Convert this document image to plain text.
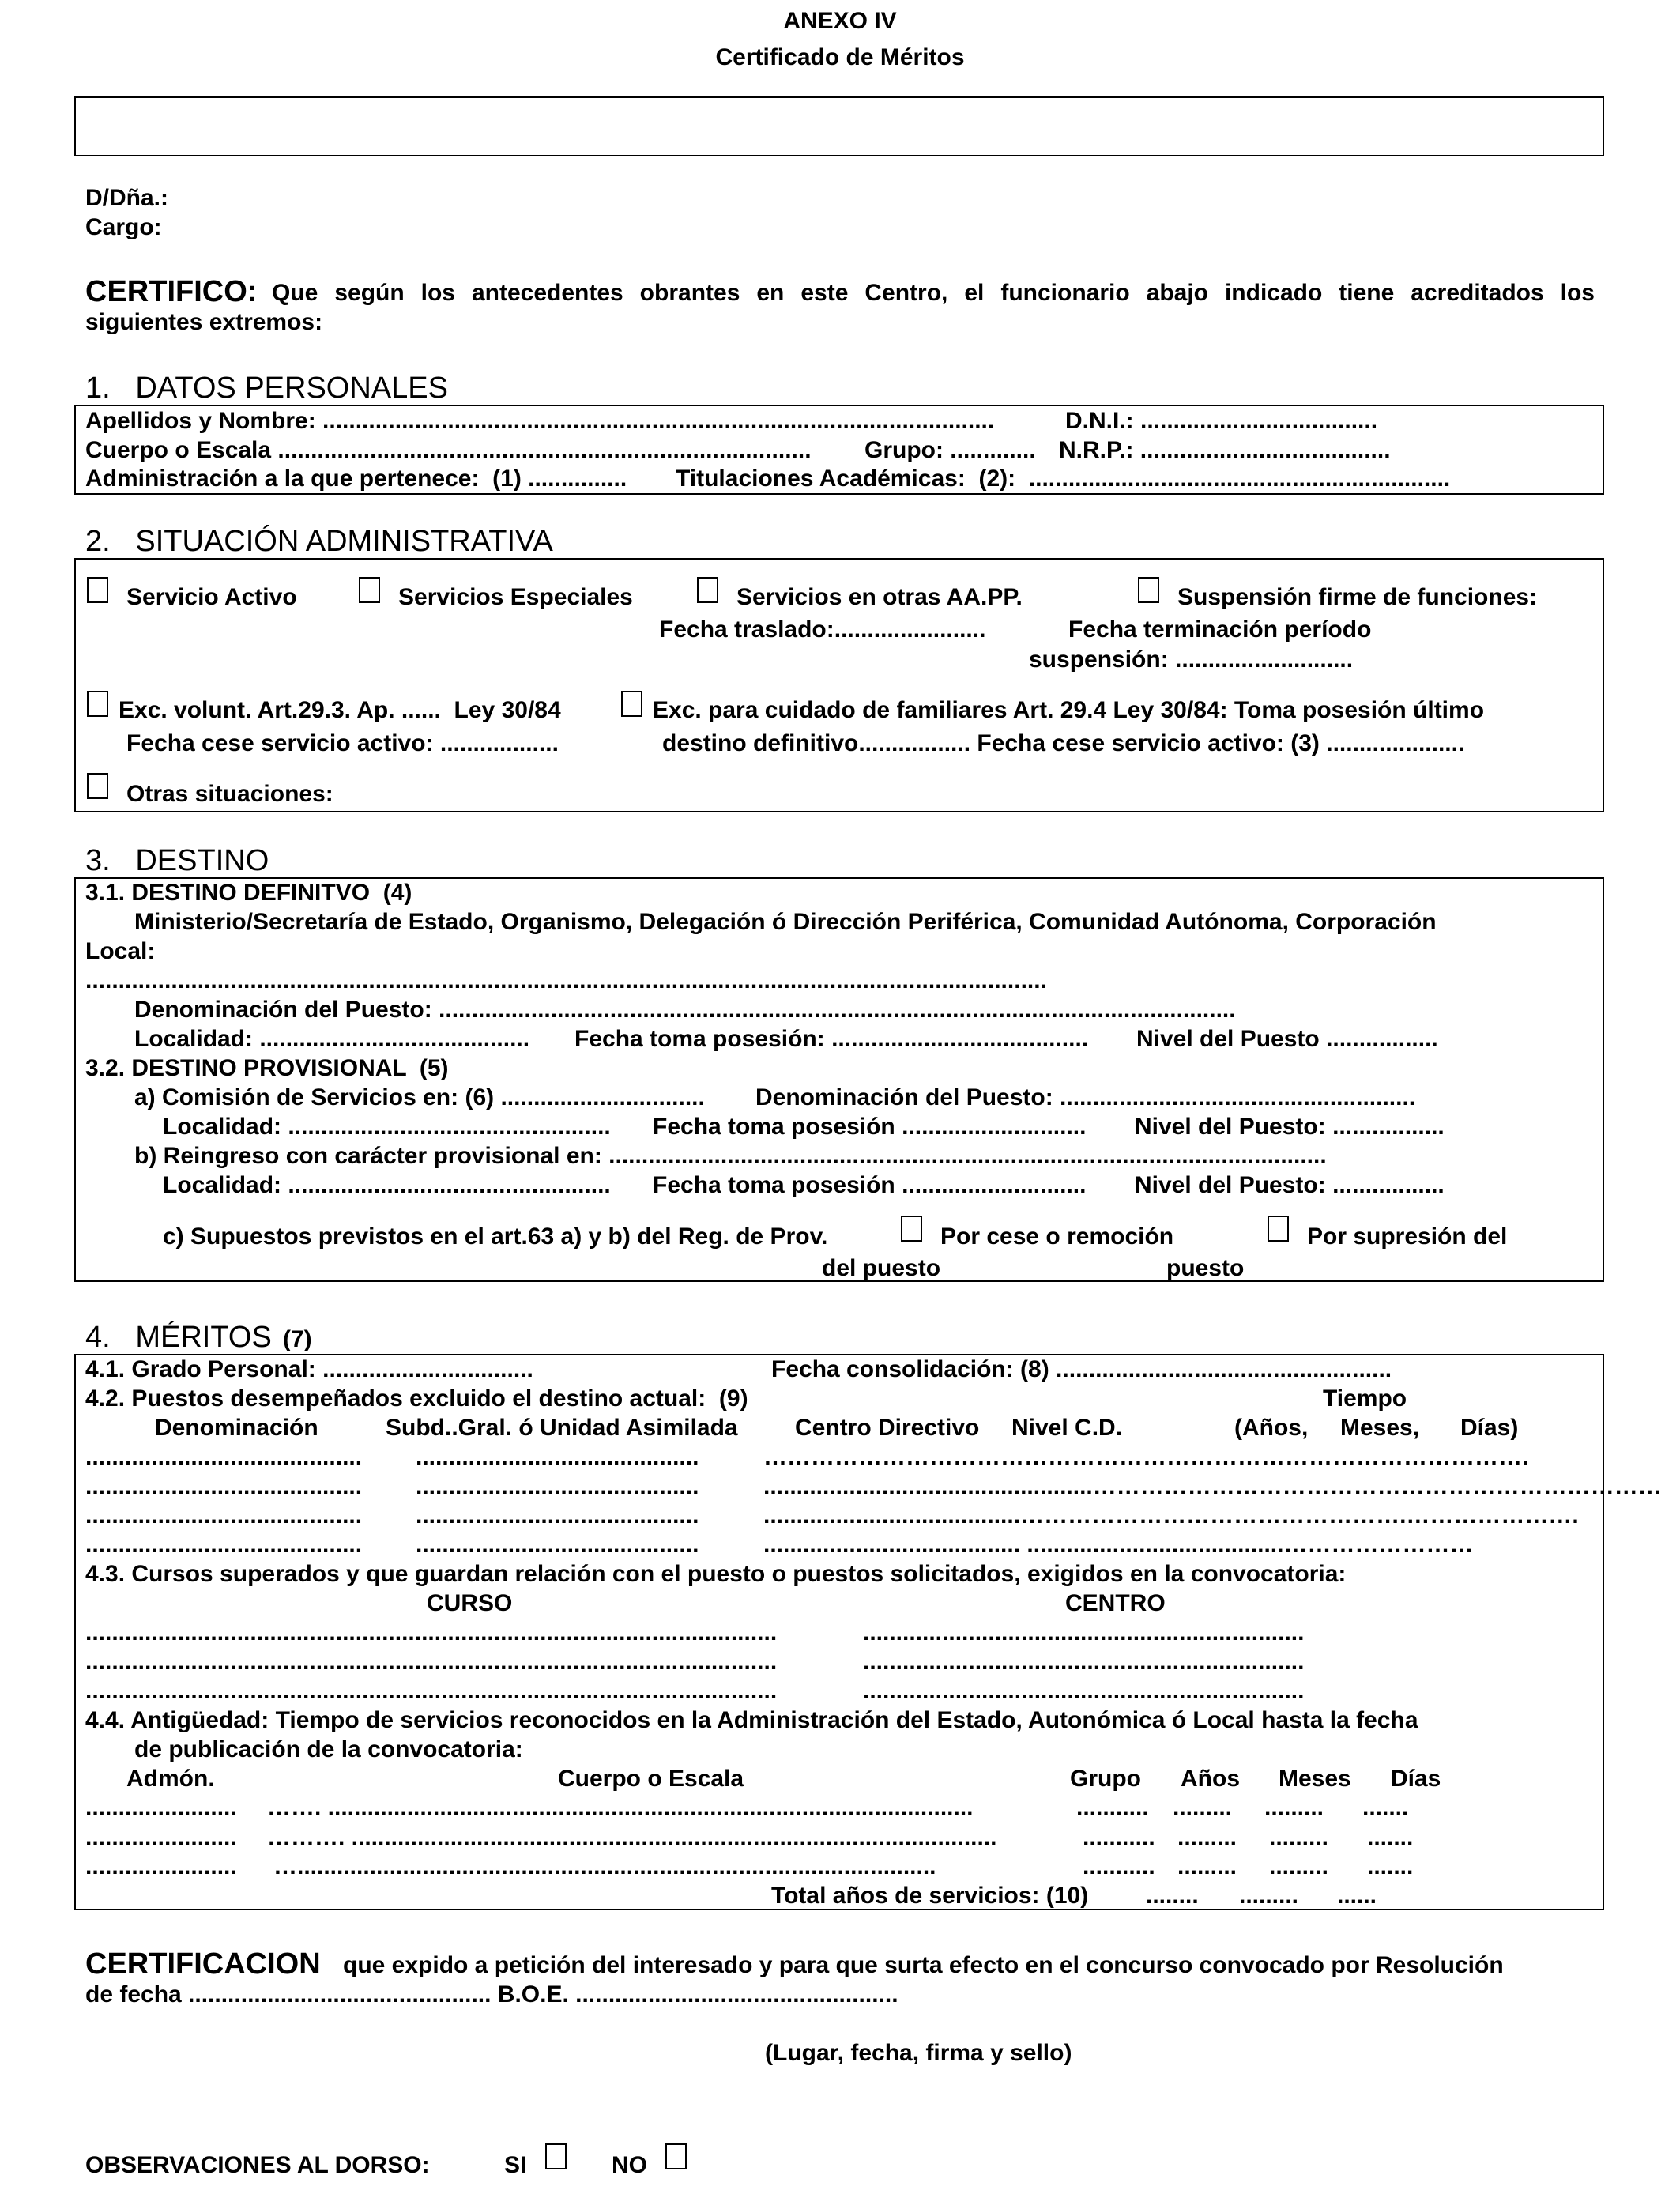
ANEXO IV
Certificado de Méritos
D/Dña.:
Cargo:
CERTIFICO: Que según los antecedentes obrantes en este Centro, el funcionario abajo indicado tiene acreditados los
siguientes extremos:
1.   DATOS PERSONALES
Apellidos y Nombre: ......................................................................................................	D.N.I.: ....................................
Cuerpo o Escala ................................................................................. Grupo: ............. N.R.P.: ......................................
Administración a la que pertenece:  (1) ............... Titulaciones Académicas:  (2):  ................................................................
2.   SITUACIÓN ADMINISTRATIVA
Servicio Activo	Servicios Especiales	Servicios en otras AA.PP.	Suspensión firme de funciones:
Fecha traslado:.......................	Fecha terminación período
suspensión: ...........................
Exc. volunt. Art.29.3. Ap. ......  Ley 30/84	Exc. para cuidado de familiares Art. 29.4 Ley 30/84: Toma posesión último
Fecha cese servicio activo: ..................	destino definitivo................. Fecha cese servicio activo: (3) .....................
Otras situaciones:
3.   DESTINO
3.1. DESTINO DEFINITVO  (4)
Ministerio/Secretaría de Estado, Organismo, Delegación ó Dirección Periférica, Comunidad Autónoma, Corporación
Local:
..................................................................................................................................................
Denominación del Puesto: .........................................................................................................................
Localidad: ......................................... Fecha toma posesión: ....................................... Nivel del Puesto .................
3.2. DESTINO PROVISIONAL  (5)
a) Comisión de Servicios en: (6) ............................... Denominación del Puesto: ......................................................
Localidad: ................................................. Fecha toma posesión ............................ Nivel del Puesto: .................
b) Reingreso con carácter provisional en: .............................................................................................................
Localidad: ................................................. Fecha toma posesión ............................ Nivel del Puesto: .................
c) Supuestos previstos en el art.63 a) y b) del Reg. de Prov.	Por cese o remoción	Por supresión del
del puesto	puesto
4.   MÉRITOS (7)
4.1. Grado Personal: ................................	Fecha consolidación: (8) ...................................................
4.2. Puestos desempeñados excluido el destino actual:  (9)	Tiempo
Denominación	Subd..Gral. ó Unidad Asimilada Centro Directivo Nivel C.D.	(Años, Meses, Días)
.......................................... ...........................................	…………………………………………………………………………………….
.......................................... ...........................................	..................................................………………………………………………………………
.......................................... ...........................................	.......................................………………………………………….………………….
.......................................... ...........................................	....................................... .......................................……………………
4.3. Cursos superados y que guardan relación con el puesto o puestos solicitados, exigidos en la convocatoria:
CURSO	CENTRO
.........................................................................................................	...................................................................
.........................................................................................................	...................................................................
.........................................................................................................	...................................................................
4.4. Antigüedad: Tiempo de servicios reconocidos en la Administración del Estado, Autonómica ó Local hasta la fecha
de publicación de la convocatoria:
Admón.	Cuerpo o Escala	Grupo Años Meses Días
....................... ……. ..................................................................................................	........... ......... ......... .......
....................... ………. ..................................................................................................	........... ......... ......... .......
....................... ….................................................................................................	........... ......... ......... .......
Total años de servicios: (10) ........ ......... ......
CERTIFICACION que expido a petición del interesado y para que surta efecto en el concurso convocado por Resolución
de fecha .............................................. B.O.E. .................................................
(Lugar, fecha, firma y sello)
OBSERVACIONES AL DORSO:	SI	NO
